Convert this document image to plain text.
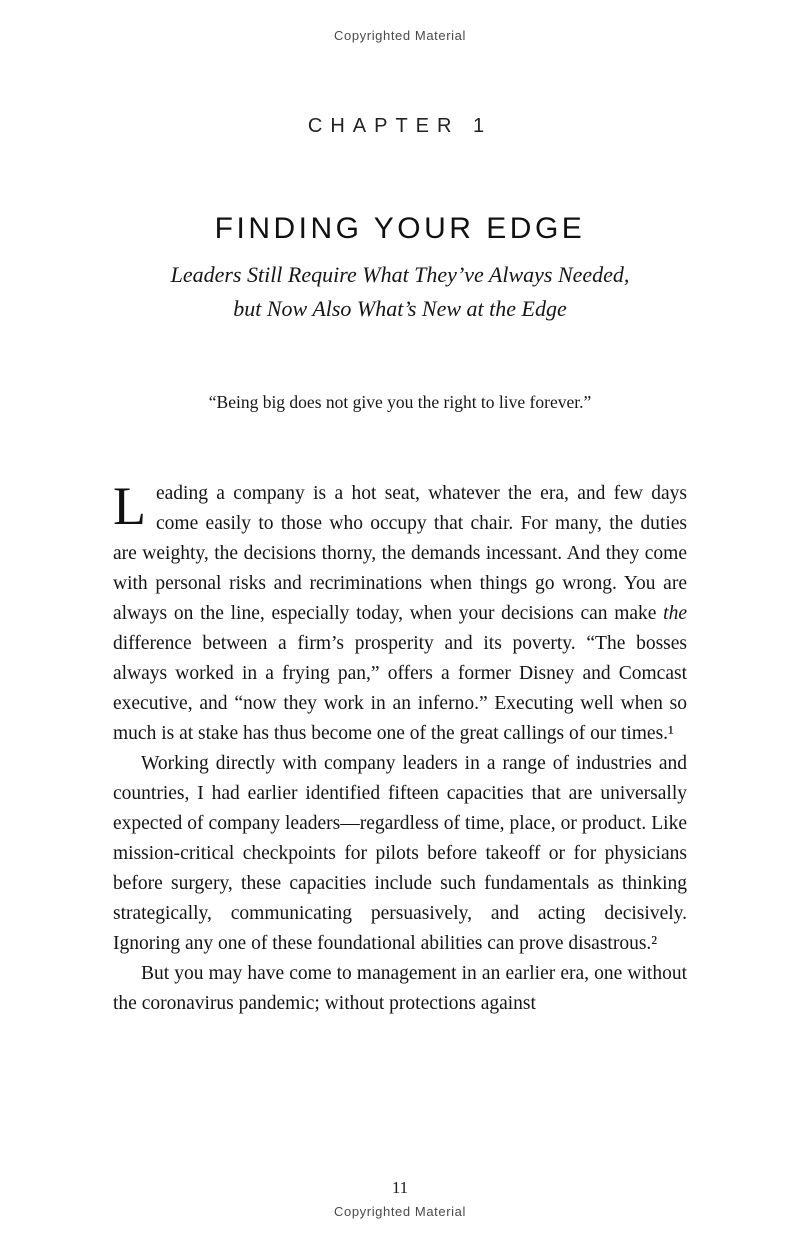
Copyrighted Material
CHAPTER 1
FINDING YOUR EDGE
Leaders Still Require What They’ve Always Needed,
but Now Also What’s New at the Edge
“Being big does not give you the right to live forever.”

Leading a company is a hot seat, whatever the era, and few days come easily to those who occupy that chair. For many, the duties are weighty, the decisions thorny, the demands incessant. And they come with personal risks and recriminations when things go wrong. You are always on the line, especially today, when your decisions can make the difference between a firm’s prosperity and its poverty. “The bosses always worked in a frying pan,” offers a former Disney and Comcast executive, and “now they work in an inferno.” Executing well when so much is at stake has thus become one of the great callings of our times.¹

Working directly with company leaders in a range of industries and countries, I had earlier identified fifteen capacities that are universally expected of company leaders—regardless of time, place, or product. Like mission-critical checkpoints for pilots before takeoff or for physicians before surgery, these capacities include such fundamentals as thinking strategically, communicating persuasively, and acting decisively. Ignoring any one of these foundational abilities can prove disastrous.²

But you may have come to management in an earlier era, one without the coronavirus pandemic; without protections against

11
Copyrighted Material
